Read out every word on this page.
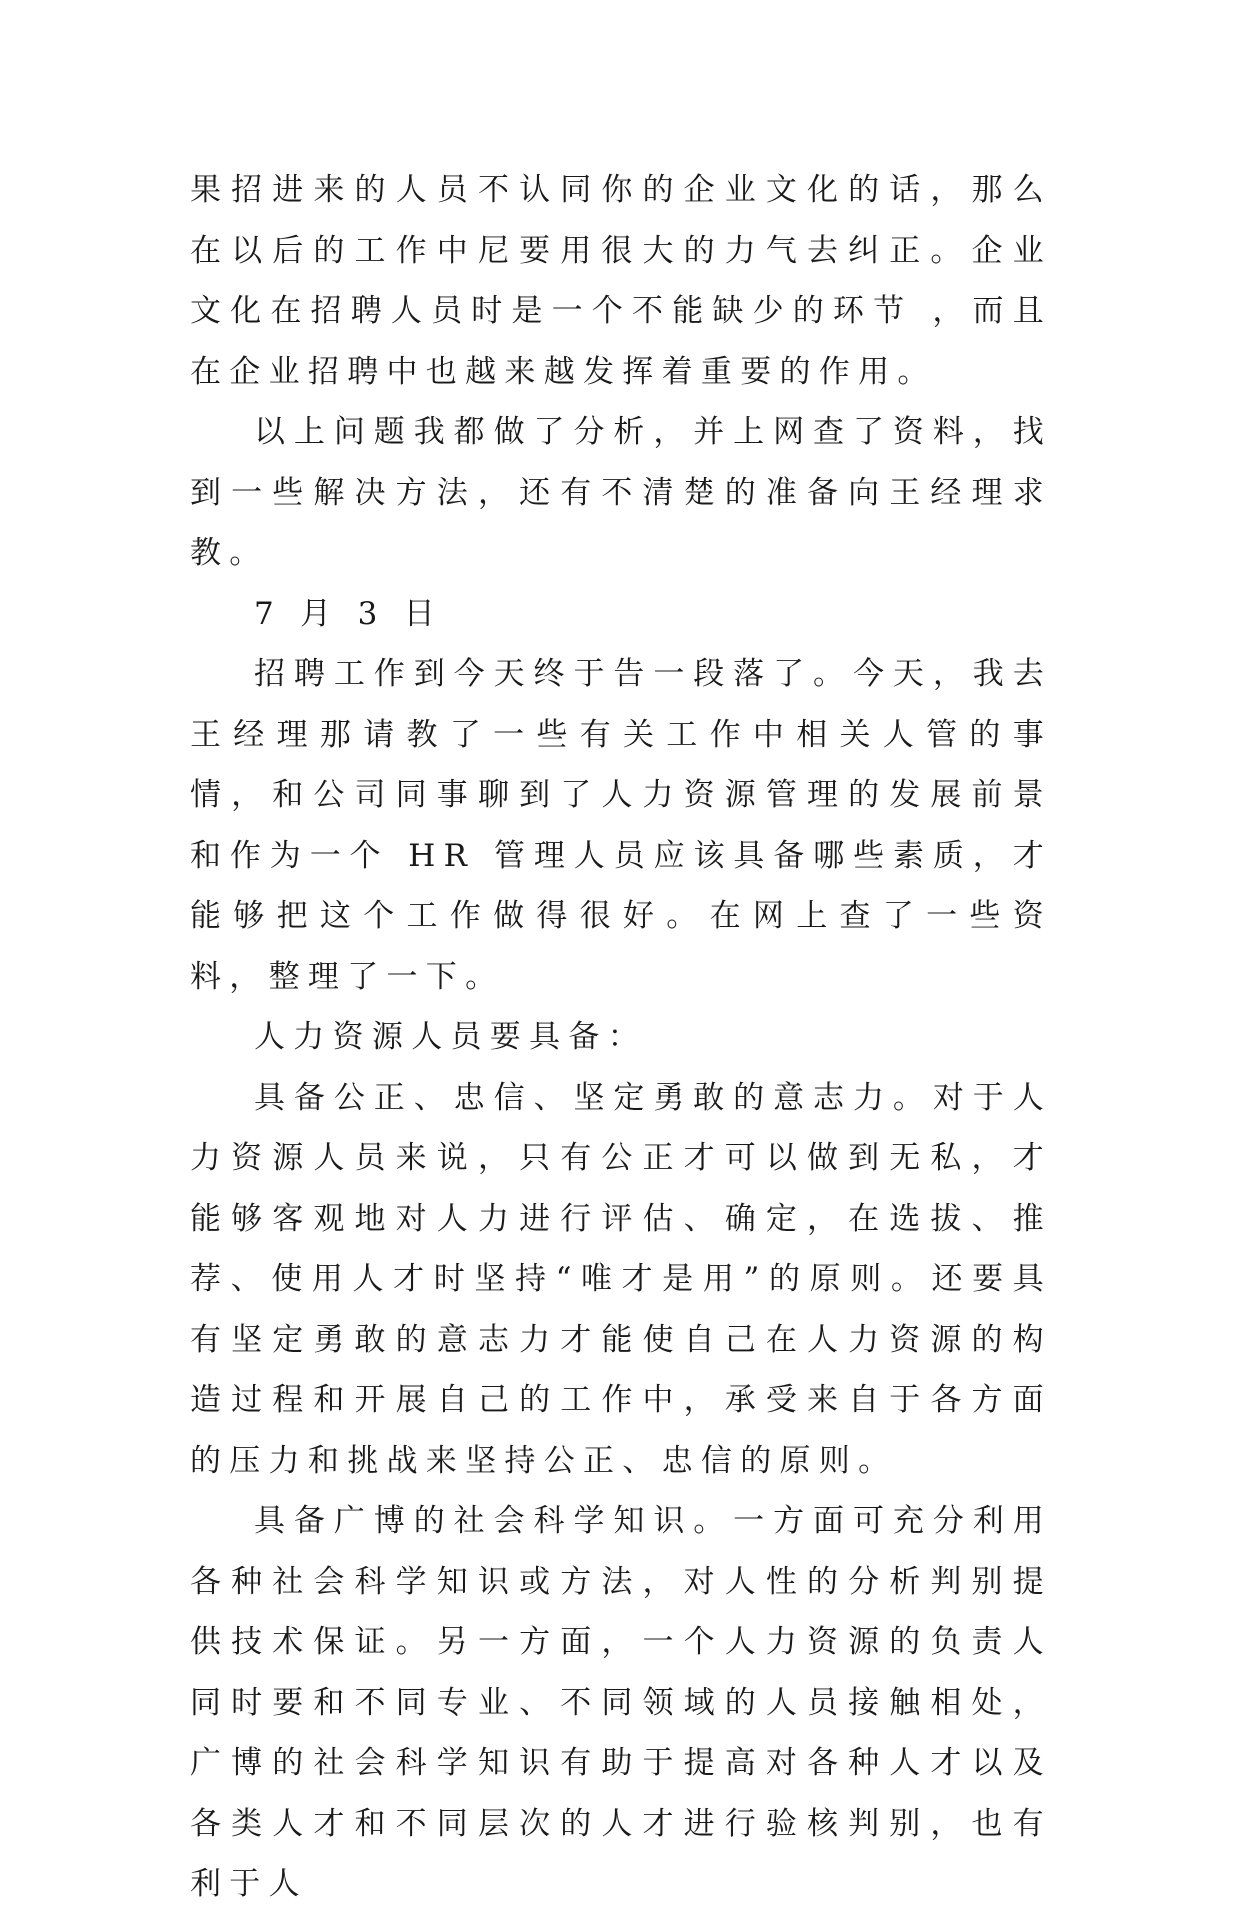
果招进来的人员不认同你的企业文化的话，那么在以后的工作中尼要用很大的力气去纠正。企业文化在招聘人员时是一个不能缺少的环节 ，而且在企业招聘中也越来越发挥着重要的作用。

以上问题我都做了分析，并上网查了资料，找到一些解决方法，还有不清楚的准备向王经理求教。

7 月 3 日

招聘工作到今天终于告一段落了。今天，我去王经理那请教了一些有关工作中相关人管的事情，和公司同事聊到了人力资源管理的发展前景和作为一个 HR 管理人员应该具备哪些素质，才能够把这个工作做得很好。在网上查了一些资料，整理了一下。

人力资源人员要具备：

具备公正、忠信、坚定勇敢的意志力。对于人力资源人员来说，只有公正才可以做到无私，才能够客观地对人力进行评估、确定，在选拔、推荐、使用人才时坚持“唯才是用”的原则。还要具有坚定勇敢的意志力才能使自己在人力资源的构造过程和开展自己的工作中，承受来自于各方面的压力和挑战来坚持公正、忠信的原则。

具备广博的社会科学知识。一方面可充分利用各种社会科学知识或方法，对人性的分析判别提供技术保证。另一方面，一个人力资源的负责人同时要和不同专业、不同领域的人员接触相处，广博的社会科学知识有助于提高对各种人才以及各类人才和不同层次的人才进行验核判别，也有利于人
